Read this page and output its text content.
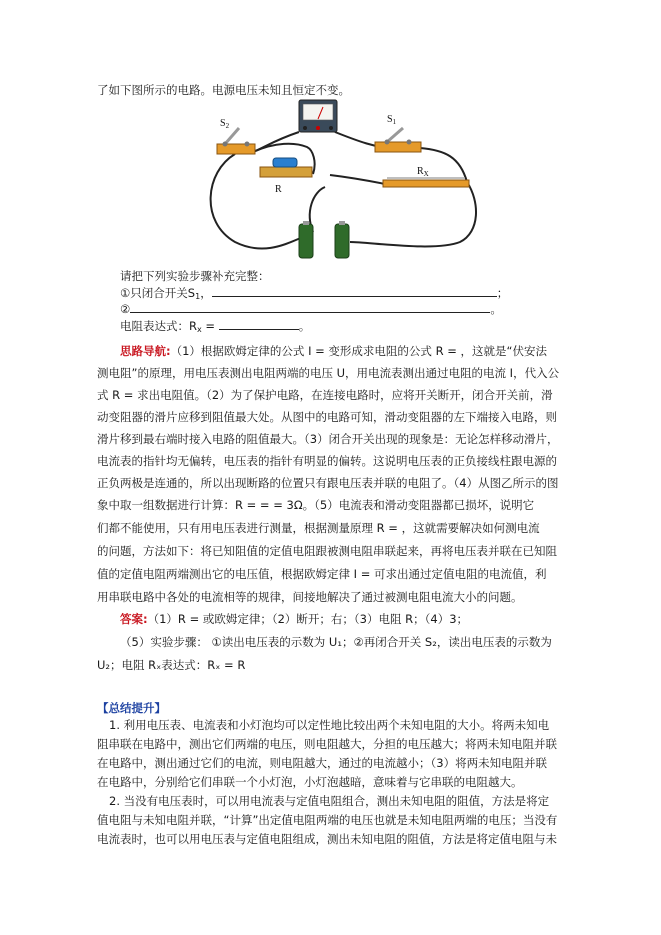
了如下图所示的电路。电源电压未知且恒定不变。
$S_2$
R
$S_1$
$R_X$
请把下列实验步骤补充完整：
①只闭合开关$S_1$，	；
②	。
电阻表达式：$R_x$ =	。
思路导航:（1）根据欧姆定律的公式 I = 变形成求电阻的公式 R = ，这就是“伏安法
测电阻”的原理，用电压表测出电阻两端的电压 U，用电流表测出通过电阻的电流 I，代入公
式 R = 求出电阻值。（2）为了保护电路，在连接电路时，应将开关断开，闭合开关前，滑
动变阻器的滑片应移到阻值最大处。从图中的电路可知，滑动变阻器的左下端接入电路，则
滑片移到最右端时接入电路的阻值最大。（3）闭合开关出现的现象是：无论怎样移动滑片，
电流表的指针均无偏转，电压表的指针有明显的偏转。这说明电压表的正负接线柱跟电源的
正负两极是连通的，所以出现断路的位置只有跟电压表并联的电阻了。（4）从图乙所示的图
象中取一组数据进行计算：R = = = 3Ω。（5）电流表和滑动变阻器都已损坏，说明它
们都不能使用，只有用电压表进行测量，根据测量原理 R = ，这就需要解决如何测电流
的问题，方法如下：将已知阻值的定值电阻跟被测电阻串联起来，再将电压表并联在已知阻
值的定值电阻两端测出它的电压值，根据欧姆定律 I = 可求出通过定值电阻的电流值，利
用串联电路中各处的电流相等的规律，间接地解决了通过被测电阻电流大小的问题。
答案:（1）R = 或欧姆定律；（2）断开；右；（3）电阻 R；（4）3；
（5）实验步骤： ①读出电压表的示数为 U₁；②再闭合开关 S₂，读出电压表的示数为
U₂；电阻 Rₓ表达式：Rₓ = R
【总结提升】
1. 利用电压表、电流表和小灯泡均可以定性地比较出两个未知电阻的大小。将两未知电
阻串联在电路中，测出它们两端的电压，则电阻越大，分担的电压越大；将两未知电阻并联
在电路中，测出通过它们的电流，则电阻越大，通过的电流越小；（3）将两未知电阻并联
在电路中，分别给它们串联一个小灯泡，小灯泡越暗，意味着与它串联的电阻越大。
2. 当没有电压表时，可以用电流表与定值电阻组合，测出未知电阻的阻值，方法是将定
值电阻与未知电阻并联，“计算”出定值电阻两端的电压也就是未知电阻两端的电压；当没有
电流表时，也可以用电压表与定值电阻组成，测出未知电阻的阻值，方法是将定值电阻与未
